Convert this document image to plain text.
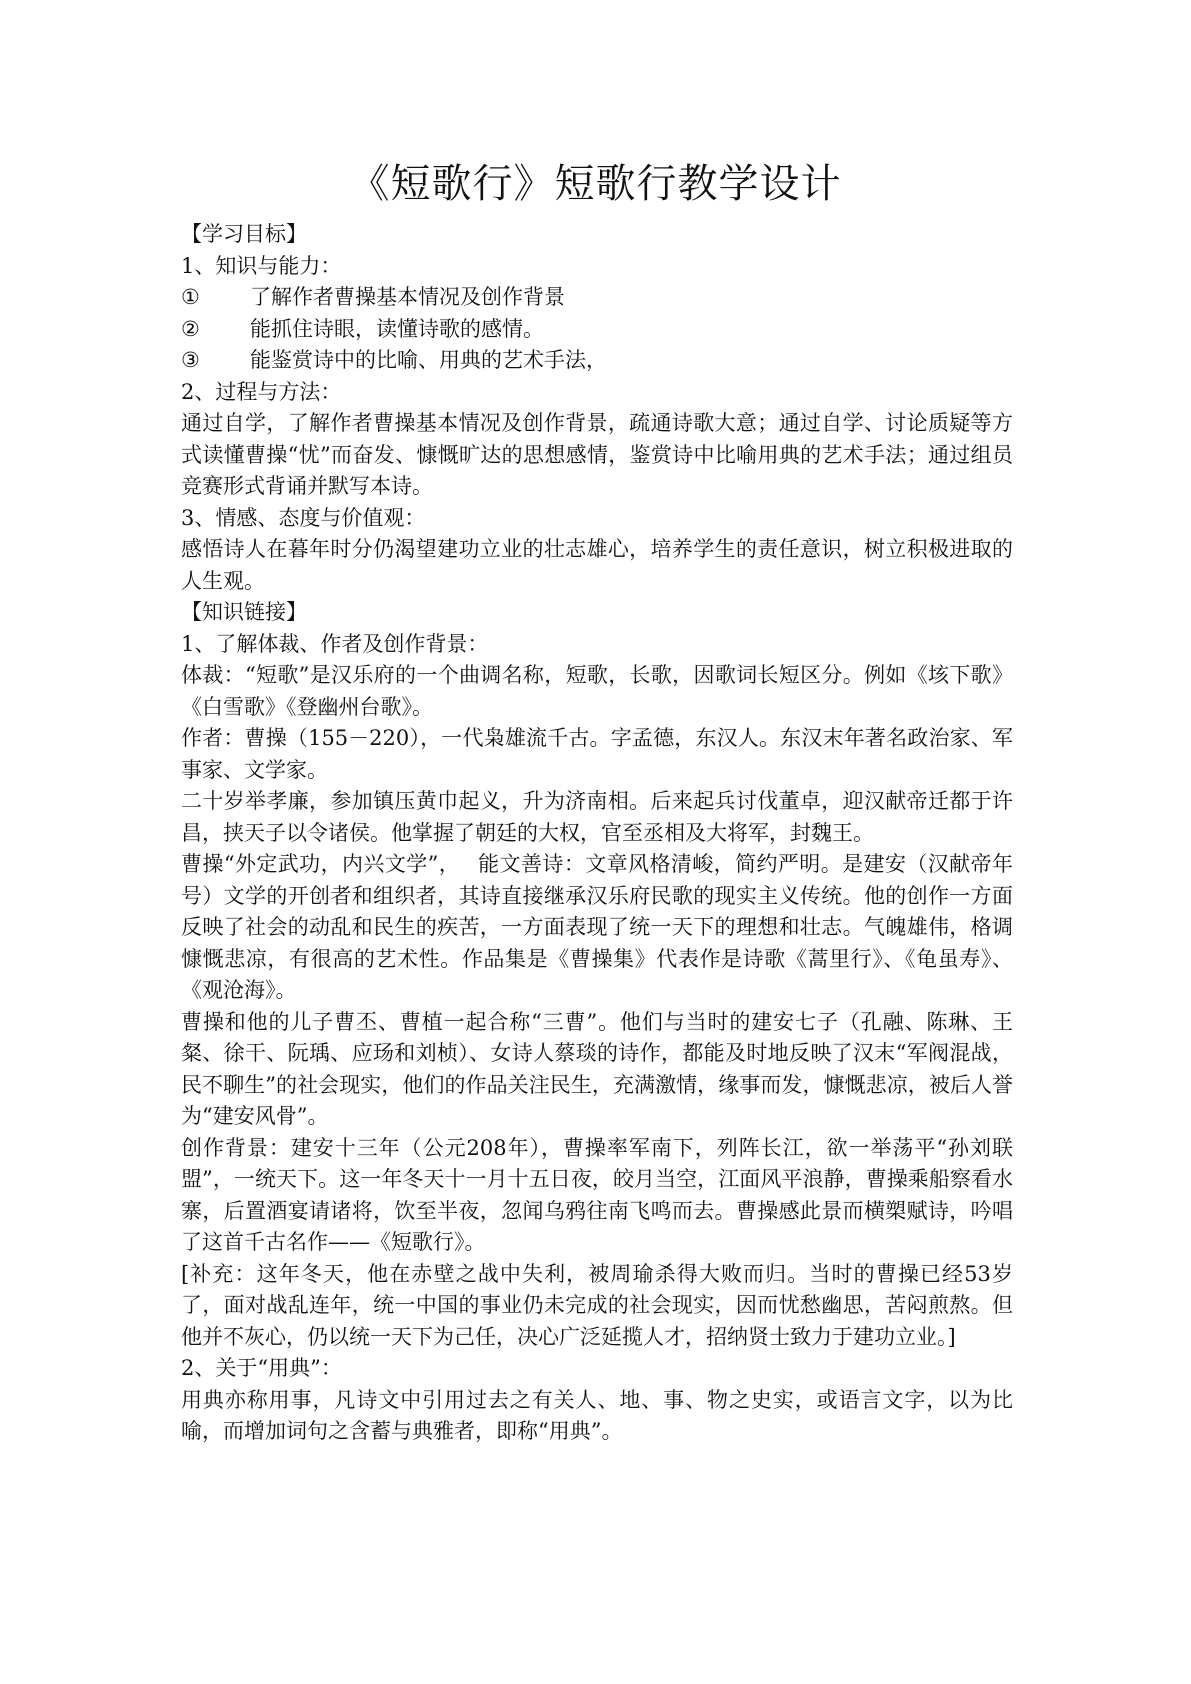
《短歌行》短歌行教学设计

【学习目标】

1、知识与能力：

①	了解作者曹操基本情况及创作背景
②	能抓住诗眼，读懂诗歌的感情。
③	能鉴赏诗中的比喻、用典的艺术手法，

2、过程与方法：

通过自学，了解作者曹操基本情况及创作背景，疏通诗歌大意；通过自学、讨论质疑等方式读懂曹操“忧”而奋发、慷慨旷达的思想感情，鉴赏诗中比喻用典的艺术手法；通过组员竞赛形式背诵并默写本诗。

3、情感、态度与价值观：

感悟诗人在暮年时分仍渴望建功立业的壮志雄心，培养学生的责任意识，树立积极进取的人生观。

【知识链接】

1、了解体裁、作者及创作背景：

体裁：“短歌”是汉乐府的一个曲调名称，短歌，长歌，因歌词长短区分。例如《垓下歌》《白雪歌》《登幽州台歌》。

作者：曹操（155－220），一代枭雄流千古。字孟德，东汉人。东汉末年著名政治家、军事家、文学家。

二十岁举孝廉，参加镇压黄巾起义，升为济南相。后来起兵讨伐董卓，迎汉献帝迁都于许昌，挟天子以令诸侯。他掌握了朝廷的大权，官至丞相及大将军，封魏王。

曹操“外定武功，内兴文学”，　 能文善诗：文章风格清峻，简约严明。是建安（汉献帝年号）文学的开创者和组织者，其诗直接继承汉乐府民歌的现实主义传统。他的创作一方面反映了社会的动乱和民生的疾苦，一方面表现了统一天下的理想和壮志。气魄雄伟，格调慷慨悲凉，有很高的艺术性。作品集是《曹操集》代表作是诗歌《蒿里行》、《龟虽寿》、《观沧海》。

曹操和他的儿子曹丕、曹植一起合称“三曹”。他们与当时的建安七子（孔融、陈琳、王粲、徐干、阮瑀、应玚和刘桢）、女诗人蔡琰的诗作，都能及时地反映了汉末“军阀混战，民不聊生”的社会现实，他们的作品关注民生，充满激情，缘事而发，慷慨悲凉，被后人誉为“建安风骨”。

创作背景：建安十三年（公元208年），曹操率军南下，列阵长江，欲一举荡平“孙刘联盟”，一统天下。这一年冬天十一月十五日夜，皎月当空，江面风平浪静，曹操乘船察看水寨，后置酒宴请诸将，饮至半夜，忽闻乌鸦往南飞鸣而去。曹操感此景而横槊赋诗，吟唱了这首千古名作——《短歌行》。

[补充：这年冬天，他在赤壁之战中失利，被周瑜杀得大败而归。当时的曹操已经53岁了，面对战乱连年，统一中国的事业仍未完成的社会现实，因而忧愁幽思，苦闷煎熬。但他并不灰心，仍以统一天下为己任，决心广泛延揽人才，招纳贤士致力于建功立业。]

2、关于“用典”：

用典亦称用事，凡诗文中引用过去之有关人、地、事、物之史实，或语言文字，以为比喻，而增加词句之含蓄与典雅者，即称“用典”。
